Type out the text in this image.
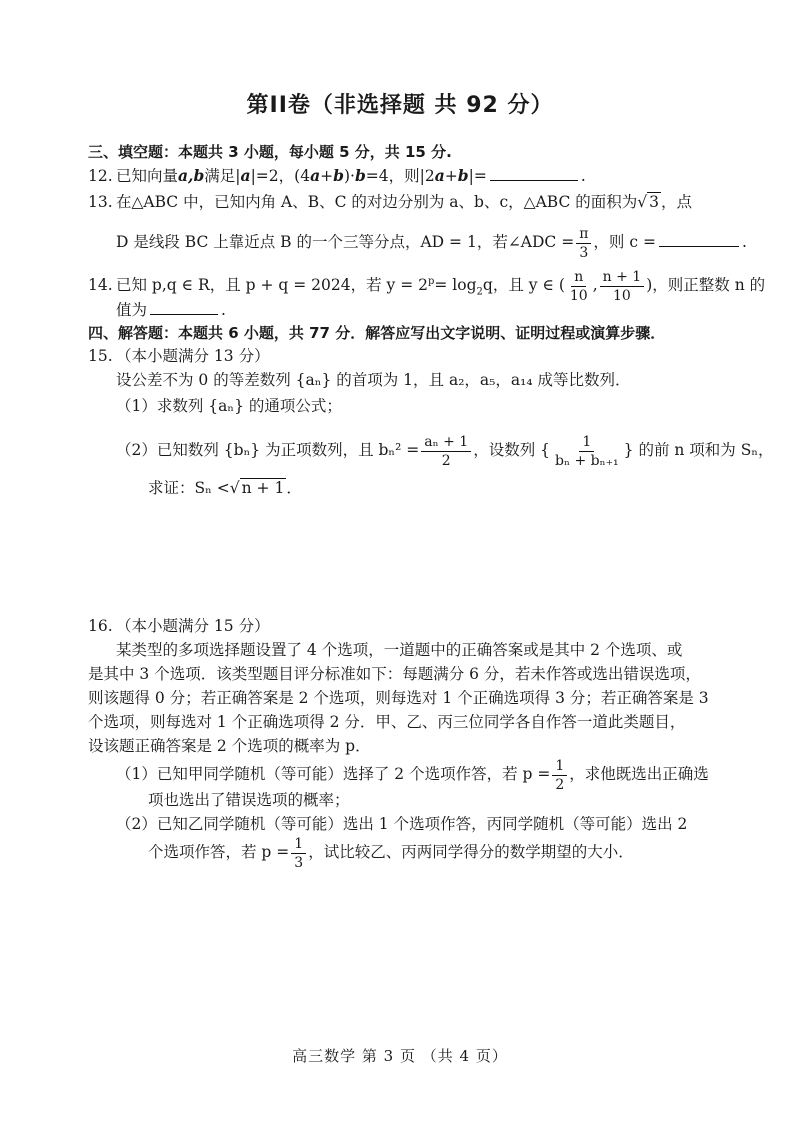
第II卷（非选择题 共 92 分）
三、填空题：本题共 3 小题，每小题 5 分，共 15 分.
12. 已知向量a,b满足|a|=2，(4a+b)·b=4，则|2a+b|=	.
13. 在△ABC 中，已知内角 A、B、C 的对边分别为 a、b、c，△ABC 的面积为√ 3 ，点
D 是线段 BC 上靠近点 B 的一个三等分点，AD = 1，若∠ADC = $\frac{\pi}{3}$ ，则 c =	.
14. 已知 p,q ∈ R，且 p + q = 2024，若 $y = 2^p= \log_2q$，且 y ∈ ( $\frac{n}{10}$ , $\frac{n + 1}{10}$ )，则正整数 n 的
值为	.
四、解答题：本题共 6 小题，共 77 分．解答应写出文字说明、证明过程或演算步骤．
15. （本小题满分 13 分）
设公差不为 0 的等差数列 {aₙ} 的首项为 1，且 a₂，a₅，a₁₄ 成等比数列．
（1）求数列 {aₙ} 的通项公式；
（2）已知数列 {bₙ} 为正项数列，且 $b_n^2 = \frac{\text{aₙ + 1}}{2}$ ，设数列 { $\frac{1}{\text{bₙ + bₙ₊₁}}$ } 的前 n 项和为 Sₙ，
求证：Sₙ <√ n + 1 ．
16. （本小题满分 15 分）
某类型的多项选择题设置了 4 个选项，一道题中的正确答案或是其中 2 个选项、或
是其中 3 个选项．该类型题目评分标准如下：每题满分 6 分，若未作答或选出错误选项，
则该题得 0 分；若正确答案是 2 个选项，则每选对 1 个正确选项得 3 分；若正确答案是 3
个选项，则每选对 1 个正确选项得 2 分．甲、乙、丙三位同学各自作答一道此类题目，
设该题正确答案是 2 个选项的概率为 p．
（1）已知甲同学随机（等可能）选择了 2 个选项作答，若 $p = \frac{1}{2}$ ，求他既选出正确选
项也选出了错误选项的概率；
（2）已知乙同学随机（等可能）选出 1 个选项作答，丙同学随机（等可能）选出 2
个选项作答，若 $p = \frac{1}{3}$ ，试比较乙、丙两同学得分的数学期望的大小．
高三数学 第 3 页 （共 4 页）
